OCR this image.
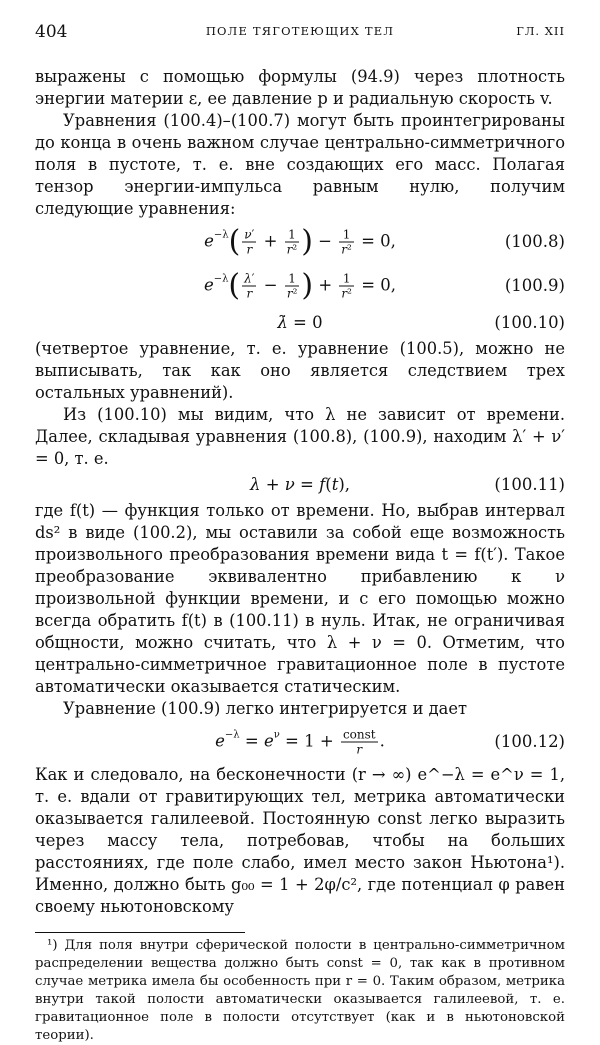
404	ПОЛЕ ТЯГОТЕЮЩИХ ТЕЛ	ГЛ. XII

выражены с помощью формулы (94.9) через плотность энергии материи ε, ее давление p и радиальную скорость v.

Уравнения (100.4)–(100.7) могут быть проинтегрированы до конца в очень важном случае центрально-симметричного поля в пустоте, т. е. вне создающих его масс. Полагая тензор энергии-импульса равным нулю, получим следующие уравнения:

$e^{-\lambda}( \frac{\nu'}{r} + \frac{1}{\text{r²}}$ ) − $\frac{1}{\text{r²}} = 0$,	(100.8)
$e^{-\lambda}( \frac{\lambda'}{r} - \frac{1}{\text{r²}}$ ) + $\frac{1}{\text{r²}} = 0$,	(100.9)
λ̇ = 0	(100.10)

(четвертое уравнение, т. е. уравнение (100.5), можно не выписывать, так как оно является следствием трех остальных уравнений).

Из (100.10) мы видим, что λ не зависит от времени. Далее, складывая уравнения (100.8), (100.9), находим λ′ + ν′ = 0, т. е.

λ + ν = f(t),	(100.11)

где f(t) — функция только от времени. Но, выбрав интервал ds² в виде (100.2), мы оставили за собой еще возможность произвольного преобразования времени вида t = f(t′). Такое преобразование эквивалентно прибавлению к ν произвольной функции времени, и с его помощью можно всегда обратить f(t) в (100.11) в нуль. Итак, не ограничивая общности, можно считать, что λ + ν = 0. Отметим, что центрально-симметричное гравитационное поле в пустоте автоматически оказывается статическим.

Уравнение (100.9) легко интегрируется и дает

$e^{-\lambda} = e^\nu = 1 + \frac{\text{const}}{r}$ .	(100.12)

Как и следовало, на бесконечности (r → ∞) e^−λ = e^ν = 1, т. е. вдали от гравитирующих тел, метрика автоматически оказывается галилеевой. Постоянную const легко выразить через массу тела, потребовав, чтобы на больших расстояниях, где поле слабо, имел место закон Ньютона¹). Именно, должно быть g₀₀ = 1 + 2φ/c², где потенциал φ равен своему ньютоновскому

¹) Для поля внутри сферической полости в центрально-симметричном распределении вещества должно быть const = 0, так как в противном случае метрика имела бы особенность при r = 0. Таким образом, метрика внутри такой полости автоматически оказывается галилеевой, т. е. гравитационное поле в полости отсутствует (как и в ньютоновской теории).
